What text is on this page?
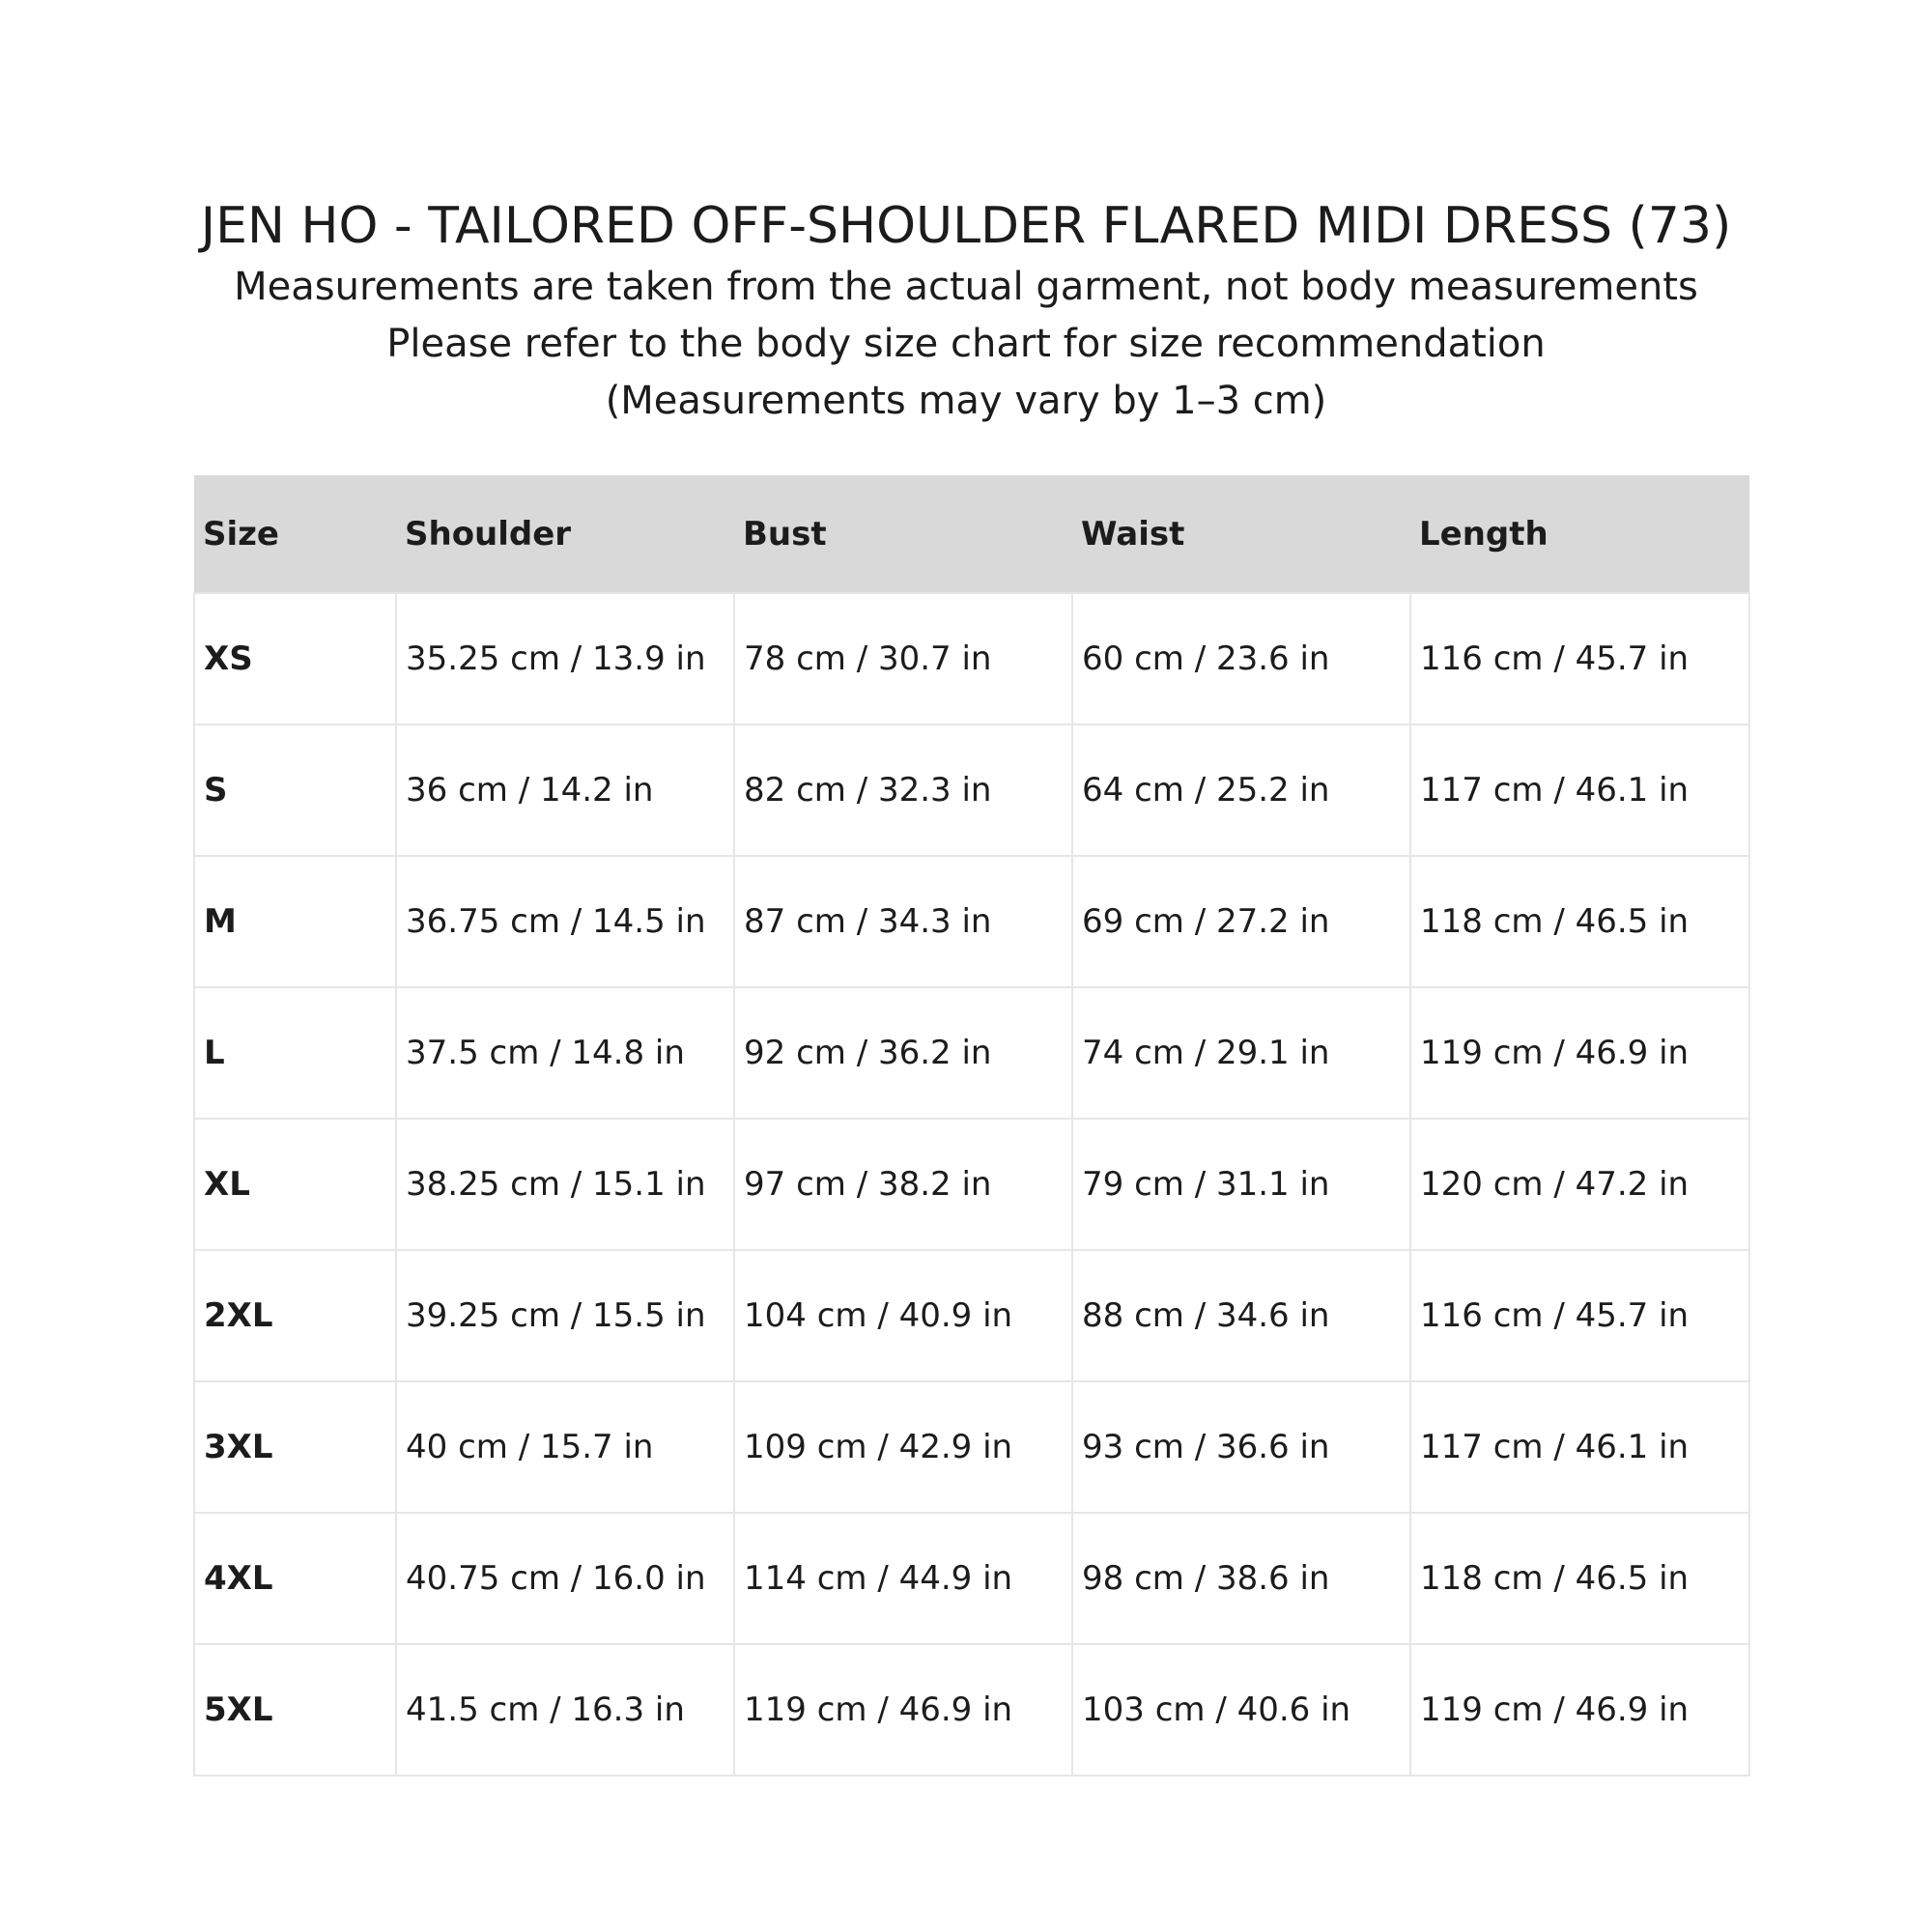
JEN HO - TAILORED OFF-SHOULDER FLARED MIDI DRESS (73)

Measurements are taken from the actual garment, not body measurements

Please refer to the body size chart for size recommendation

(Measurements may vary by 1–3 cm)

Size	Shoulder	Bust	Waist	Length
XS	35.25 cm / 13.9 in	78 cm / 30.7 in	60 cm / 23.6 in	116 cm / 45.7 in
S	36 cm / 14.2 in	82 cm / 32.3 in	64 cm / 25.2 in	117 cm / 46.1 in
M	36.75 cm / 14.5 in	87 cm / 34.3 in	69 cm / 27.2 in	118 cm / 46.5 in
L	37.5 cm / 14.8 in	92 cm / 36.2 in	74 cm / 29.1 in	119 cm / 46.9 in
XL	38.25 cm / 15.1 in	97 cm / 38.2 in	79 cm / 31.1 in	120 cm / 47.2 in
2XL	39.25 cm / 15.5 in	104 cm / 40.9 in	88 cm / 34.6 in	116 cm / 45.7 in
3XL	40 cm / 15.7 in	109 cm / 42.9 in	93 cm / 36.6 in	117 cm / 46.1 in
4XL	40.75 cm / 16.0 in	114 cm / 44.9 in	98 cm / 38.6 in	118 cm / 46.5 in
5XL	41.5 cm / 16.3 in	119 cm / 46.9 in	103 cm / 40.6 in	119 cm / 46.9 in
